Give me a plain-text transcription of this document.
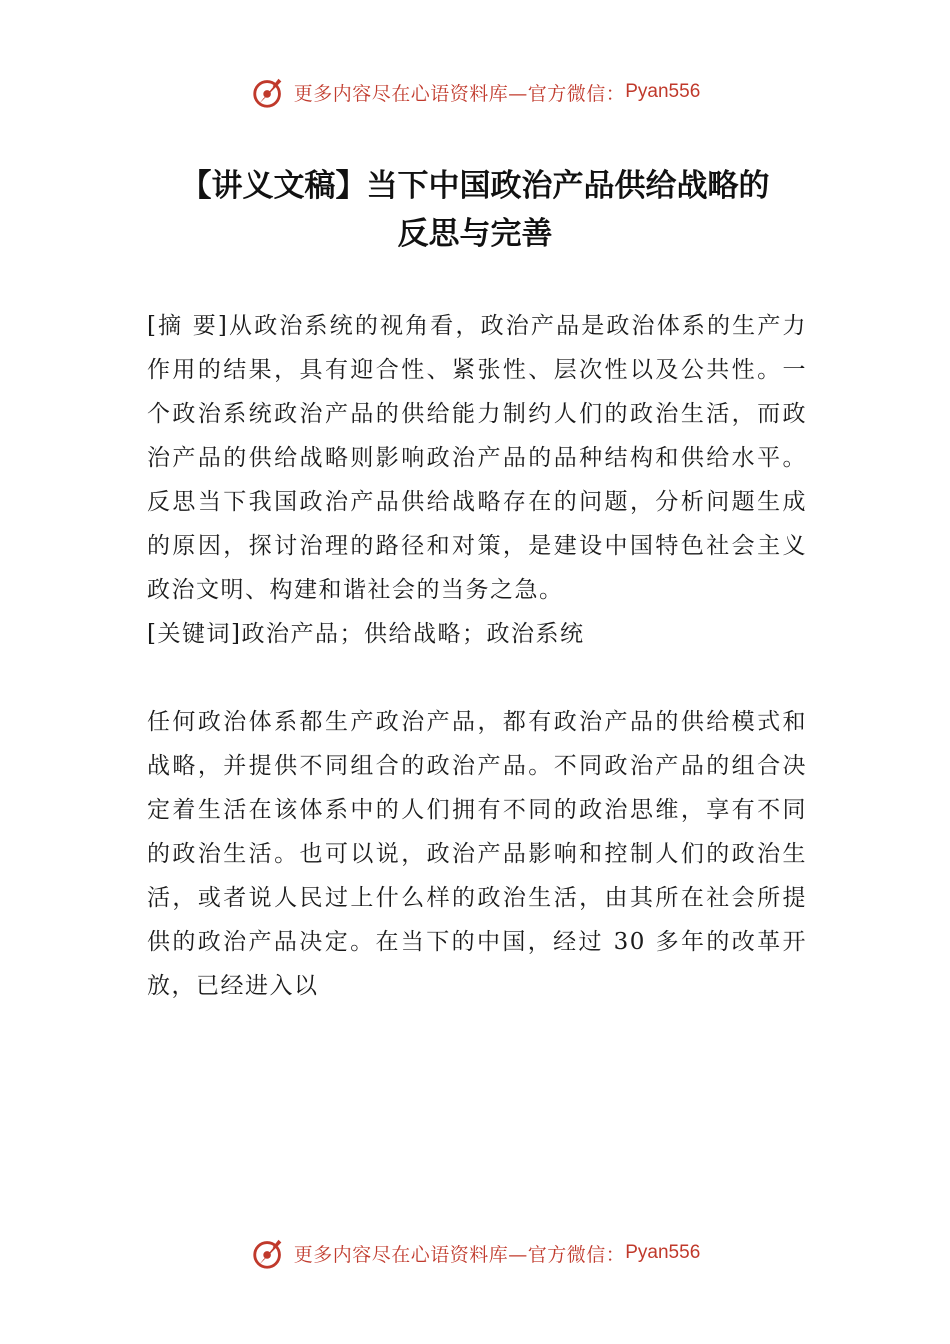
更多内容尽在心语资料库—官方微信： Pyan556
【讲义文稿】当下中国政治产品供给战略的
反思与完善

[摘 要]从政治系统的视角看，政治产品是政治体系的生产力作用的结果，具有迎合性、紧张性、层次性以及公共性。一个政治系统政治产品的供给能力制约人们的政治生活，而政治产品的供给战略则影响政治产品的品种结构和供给水平。反思当下我国政治产品供给战略存在的问题，分析问题生成的原因，探讨治理的路径和对策，是建设中国特色社会主义政治文明、构建和谐社会的当务之急。

[关键词]政治产品；供给战略；政治系统

任何政治体系都生产政治产品，都有政治产品的供给模式和战略，并提供不同组合的政治产品。不同政治产品的组合决定着生活在该体系中的人们拥有不同的政治思维，享有不同的政治生活。也可以说，政治产品影响和控制人们的政治生活，或者说人民过上什么样的政治生活，由其所在社会所提供的政治产品决定。在当下的中国，经过 30 多年的改革开放，已经进入以

更多内容尽在心语资料库—官方微信： Pyan556
